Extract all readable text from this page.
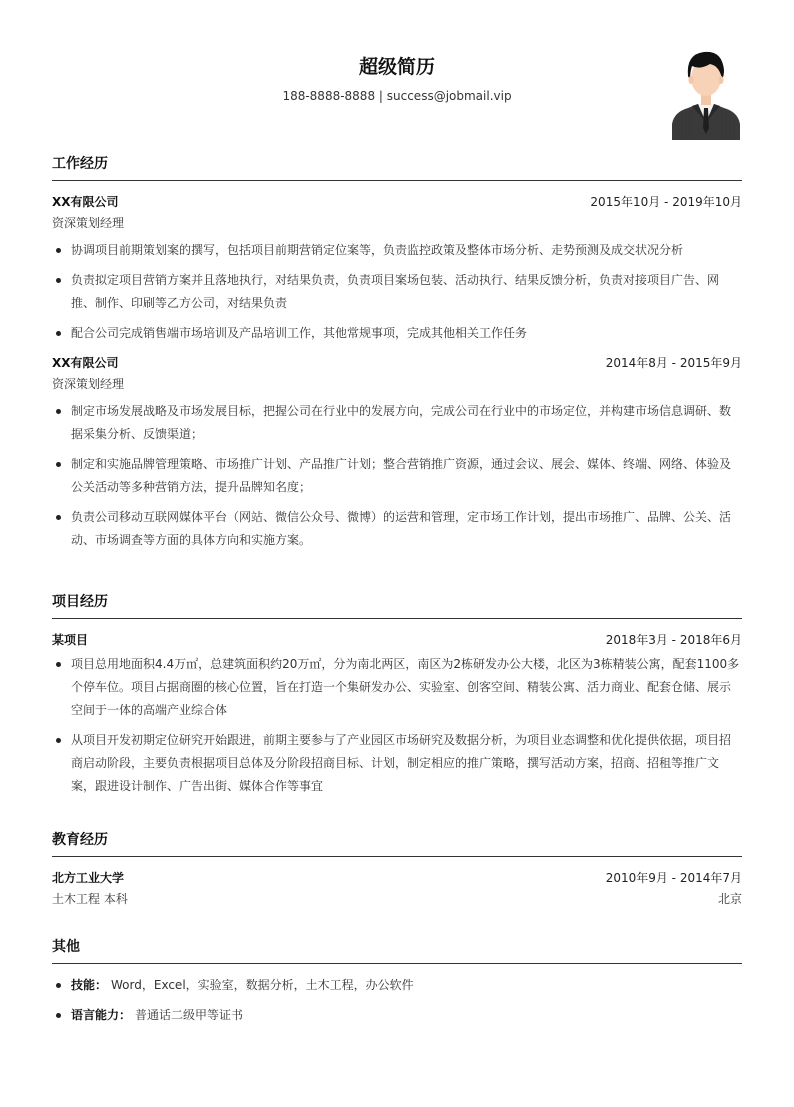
超级简历
188-8888-8888 | success@jobmail.vip
工作经历
XX有限公司	2015年10月 - 2019年10月
资深策划经理
协调项目前期策划案的撰写，包括项目前期营销定位案等，负责监控政策及整体市场分析、走势预测及成交状况分析
负责拟定项目营销方案并且落地执行，对结果负责，负责项目案场包装、活动执行、结果反馈分析，负责对接项目广告、网推、制作、印刷等乙方公司，对结果负责
配合公司完成销售端市场培训及产品培训工作，其他常规事项，完成其他相关工作任务
XX有限公司	2014年8月 - 2015年9月
资深策划经理
制定市场发展战略及市场发展目标，把握公司在行业中的发展方向，完成公司在行业中的市场定位，并构建市场信息调研、数据采集分析、反馈渠道；
制定和实施品牌管理策略、市场推广计划、产品推广计划；整合营销推广资源，通过会议、展会、媒体、终端、网络、体验及公关活动等多种营销方法，提升品牌知名度；
负责公司移动互联网媒体平台（网站、微信公众号、微博）的运营和管理，定市场工作计划，提出市场推广、品牌、公关、活动、市场调查等方面的具体方向和实施方案。
项目经历
某项目	2018年3月 - 2018年6月
项目总用地面积4.4万㎡，总建筑面积约20万㎡，分为南北两区，南区为2栋研发办公大楼，北区为3栋精装公寓，配套1100多个停车位。项目占据商圈的核心位置，旨在打造一个集研发办公、实验室、创客空间、精装公寓、活力商业、配套仓储、展示空间于一体的高端产业综合体
从项目开发初期定位研究开始跟进，前期主要参与了产业园区市场研究及数据分析，为项目业态调整和优化提供依据，项目招商启动阶段，主要负责根据项目总体及分阶段招商目标、计划，制定相应的推广策略，撰写活动方案，招商、招租等推广文案，跟进设计制作、广告出街、媒体合作等事宜
教育经历
北方工业大学	2010年9月 - 2014年7月
土木工程 本科	北京
其他
技能： Word，Excel，实验室，数据分析，土木工程，办公软件
语言能力： 普通话二级甲等证书
